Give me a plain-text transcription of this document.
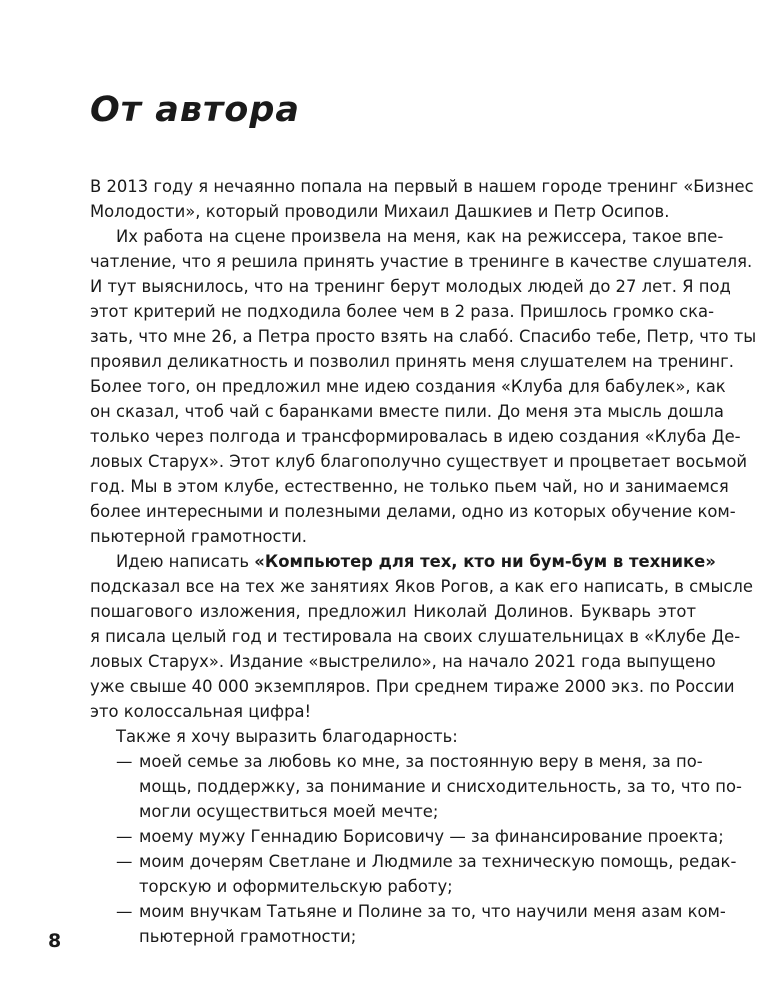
От автора
В 2013 году я нечаянно попала на первый в нашем городе тренинг «Бизнес
Молодости», который проводили Михаил Дашкиев и Петр Осипов.
Их работа на сцене произвела на меня, как на режиссера, такое впе-
чатление, что я решила принять участие в тренинге в качестве слушателя.
И тут выяснилось, что на тренинг берут молодых людей до 27 лет. Я под
этот критерий не подходила более чем в 2 раза. Пришлось громко ска-
зать, что мне 26, а Петра просто взять на слабо́. Спасибо тебе, Петр, что ты
проявил деликатность и позволил принять меня слушателем на тренинг.
Более того, он предложил мне идею создания «Клуба для бабулек», как
он сказал, чтоб чай с баранками вместе пили. До меня эта мысль дошла
только через полгода и трансформировалась в идею создания «Клуба Де-
ловых Старух». Этот клуб благополучно существует и процветает восьмой
год. Мы в этом клубе, естественно, не только пьем чай, но и занимаемся
более интересными и полезными делами, одно из которых обучение ком-
пьютерной грамотности.
Идею написать «Компьютер для тех, кто ни бум-бум в технике»
подсказал все на тех же занятиях Яков Рогов, а как его написать, в смысле
пошагового изложения, предложил Николай Долинов. Букварь этот
я писала целый год и тестировала на своих слушательницах в «Клубе Де-
ловых Старух». Издание «выстрелило», на начало 2021 года выпущено
уже свыше 40 000 экземпляров. При среднем тираже 2000 экз. по России
это колоссальная цифра!
Также я хочу выразить благодарность:
— моей семье за любовь ко мне, за постоянную веру в меня, за по-
мощь, поддержку, за понимание и снисходительность, за то, что по-
могли осуществиться моей мечте;
— моему мужу Геннадию Борисовичу — за финансирование проекта;
— моим дочерям Светлане и Людмиле за техническую помощь, редак-
торскую и оформительскую работу;
— моим внучкам Татьяне и Полине за то, что научили меня азам ком-
пьютерной грамотности;
8
